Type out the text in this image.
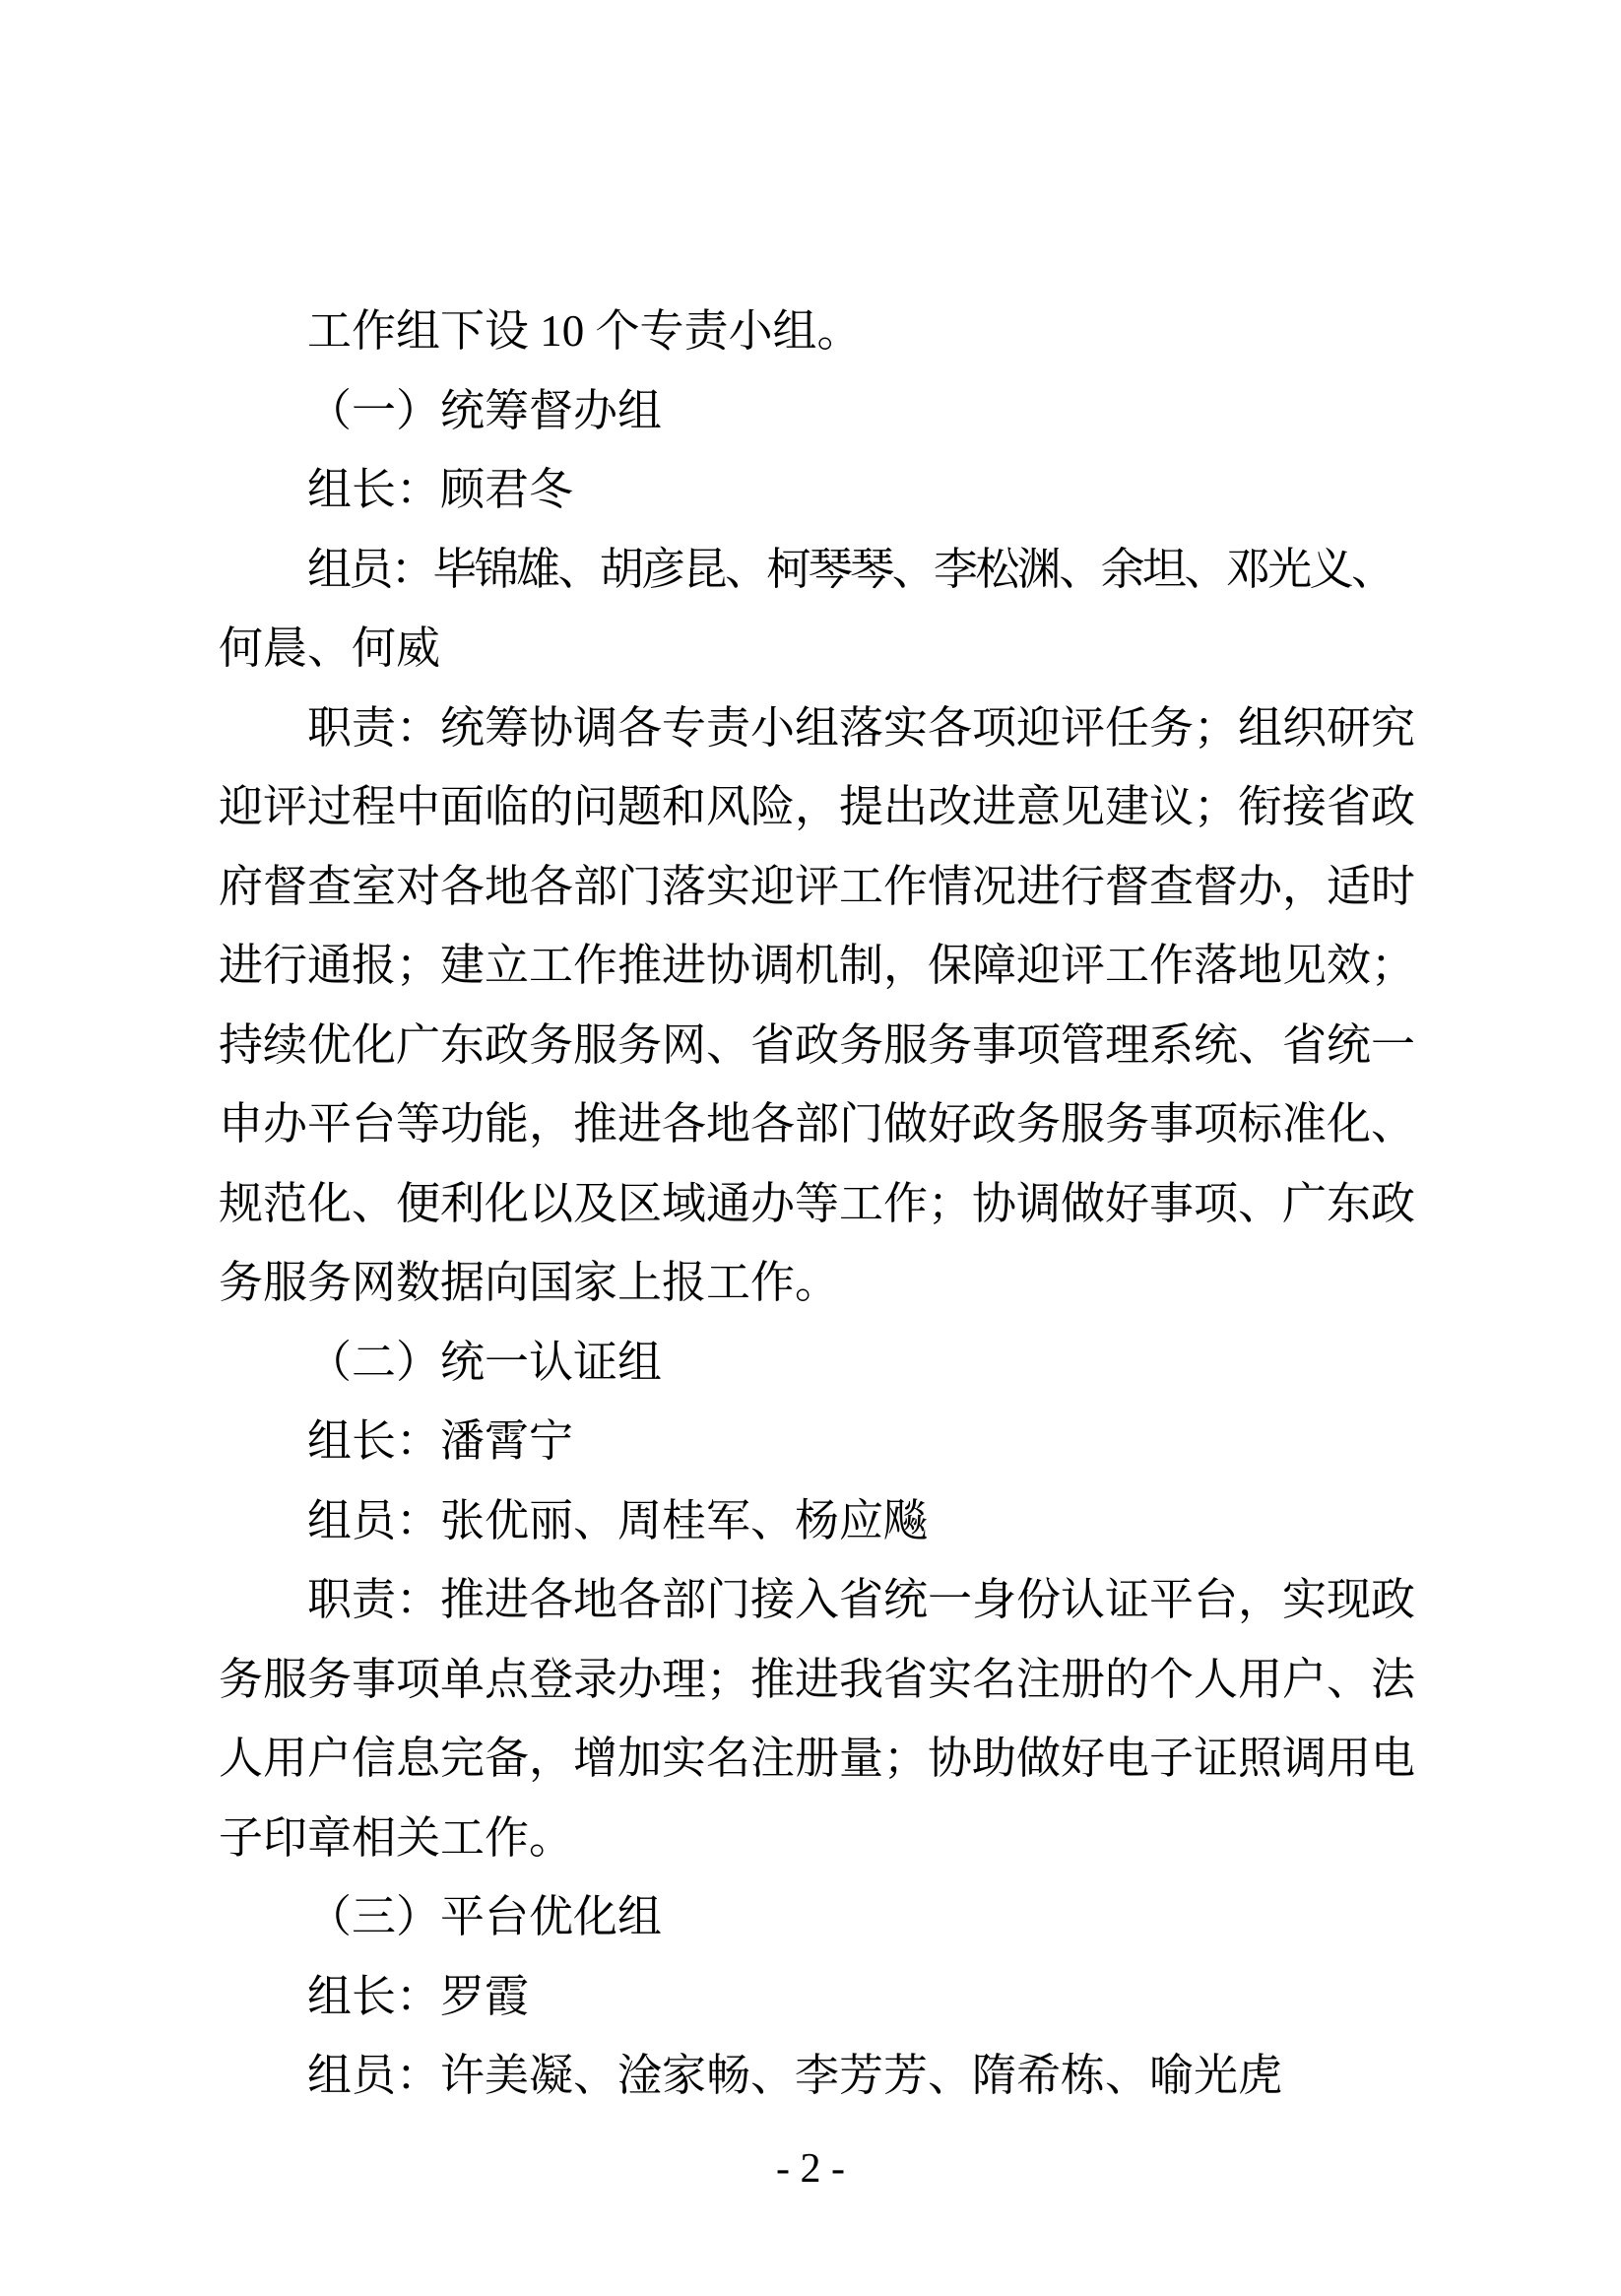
工作组下设 10 个专责小组。
（一）统筹督办组
组长：顾君冬
组员：毕锦雄、胡彦昆、柯琴琴、李松渊、余坦、邓光义、
何晨、何威
职责：统筹协调各专责小组落实各项迎评任务；组织研究
迎评过程中面临的问题和风险，提出改进意见建议；衔接省政
府督查室对各地各部门落实迎评工作情况进行督查督办，适时
进行通报；建立工作推进协调机制，保障迎评工作落地见效；
持续优化广东政务服务网、省政务服务事项管理系统、省统一
申办平台等功能，推进各地各部门做好政务服务事项标准化、
规范化、便利化以及区域通办等工作；协调做好事项、广东政
务服务网数据向国家上报工作。
（二）统一认证组
组长：潘霄宁
组员：张优丽、周桂军、杨应飚
职责：推进各地各部门接入省统一身份认证平台，实现政
务服务事项单点登录办理；推进我省实名注册的个人用户、法
人用户信息完备，增加实名注册量；协助做好电子证照调用电
子印章相关工作。
（三）平台优化组
组长：罗霞
组员：许美凝、淦家畅、李芳芳、隋希栋、喻光虎
- 2 -
